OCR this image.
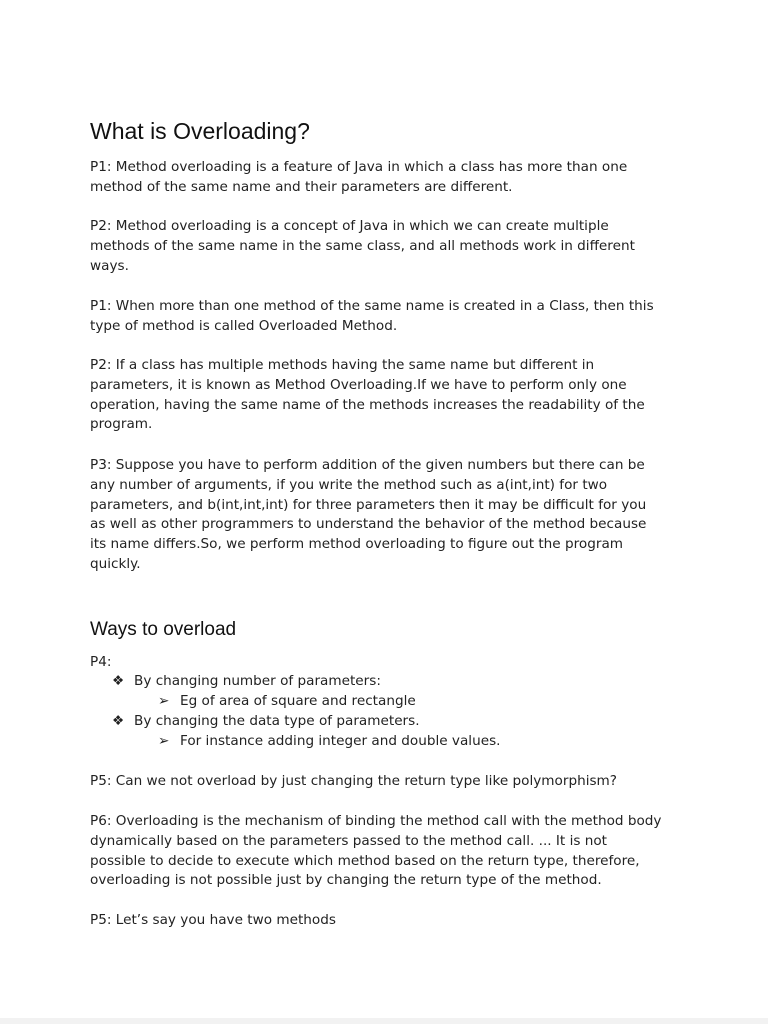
What is Overloading?
P1: Method overloading is a feature of Java in which a class has more than one
method of the same name and their parameters are different.
P2: Method overloading is a concept of Java in which we can create multiple
methods of the same name in the same class, and all methods work in different
ways.
P1: When more than one method of the same name is created in a Class, then this
type of method is called Overloaded Method.
P2: If a class has multiple methods having the same name but different in
parameters, it is known as Method Overloading.If we have to perform only one
operation, having the same name of the methods increases the readability of the
program.
P3: Suppose you have to perform addition of the given numbers but there can be
any number of arguments, if you write the method such as a(int,int) for two
parameters, and b(int,int,int) for three parameters then it may be difficult for you
as well as other programmers to understand the behavior of the method because
its name differs.So, we perform method overloading to figure out the program
quickly.
Ways to overload
P4:
❖ By changing number of parameters:
➢ Eg of area of square and rectangle
❖ By changing the data type of parameters.
➢ For instance adding integer and double values.
P5: Can we not overload by just changing the return type like polymorphism?
P6: Overloading is the mechanism of binding the method call with the method body
dynamically based on the parameters passed to the method call. ... It is not
possible to decide to execute which method based on the return type, therefore,
overloading is not possible just by changing the return type of the method.
P5: Let’s say you have two methods
